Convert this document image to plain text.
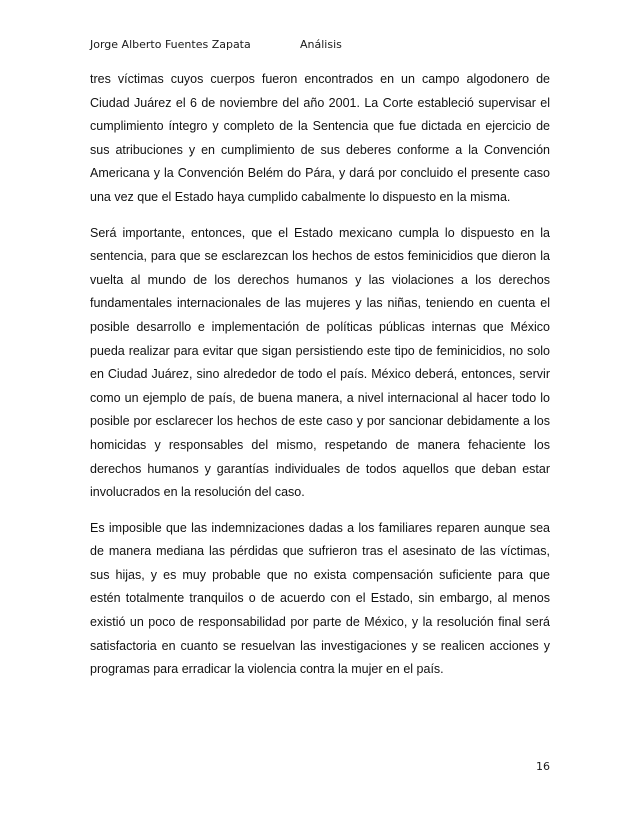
Jorge Alberto Fuentes Zapata	Análisis

tres víctimas cuyos cuerpos fueron encontrados en un campo algodonero de Ciudad Juárez el 6 de noviembre del año 2001. La Corte estableció supervisar el cumplimiento íntegro y completo de la Sentencia que fue dictada en ejercicio de sus atribuciones y en cumplimiento de sus deberes conforme a la Convención Americana y la Convención Belém do Pára, y dará por concluido el presente caso una vez que el Estado haya cumplido cabalmente lo dispuesto en la misma.

Será importante, entonces, que el Estado mexicano cumpla lo dispuesto en la sentencia, para que se esclarezcan los hechos de estos feminicidios que dieron la vuelta al mundo de los derechos humanos y las violaciones a los derechos fundamentales internacionales de las mujeres y las niñas, teniendo en cuenta el posible desarrollo e implementación de políticas públicas internas que México pueda realizar para evitar que sigan persistiendo este tipo de feminicidios, no solo en Ciudad Juárez, sino alrededor de todo el país. México deberá, entonces, servir como un ejemplo de país, de buena manera, a nivel internacional al hacer todo lo posible por esclarecer los hechos de este caso y por sancionar debidamente a los homicidas y responsables del mismo, respetando de manera fehaciente los derechos humanos y garantías individuales de todos aquellos que deban estar involucrados en la resolución del caso.

Es imposible que las indemnizaciones dadas a los familiares reparen aunque sea de manera mediana las pérdidas que sufrieron tras el asesinato de las víctimas, sus hijas, y es muy probable que no exista compensación suficiente para que estén totalmente tranquilos o de acuerdo con el Estado, sin embargo, al menos existió un poco de responsabilidad por parte de México, y la resolución final será satisfactoria en cuanto se resuelvan las investigaciones y se realicen acciones y programas para erradicar la violencia contra la mujer en el país.

16
